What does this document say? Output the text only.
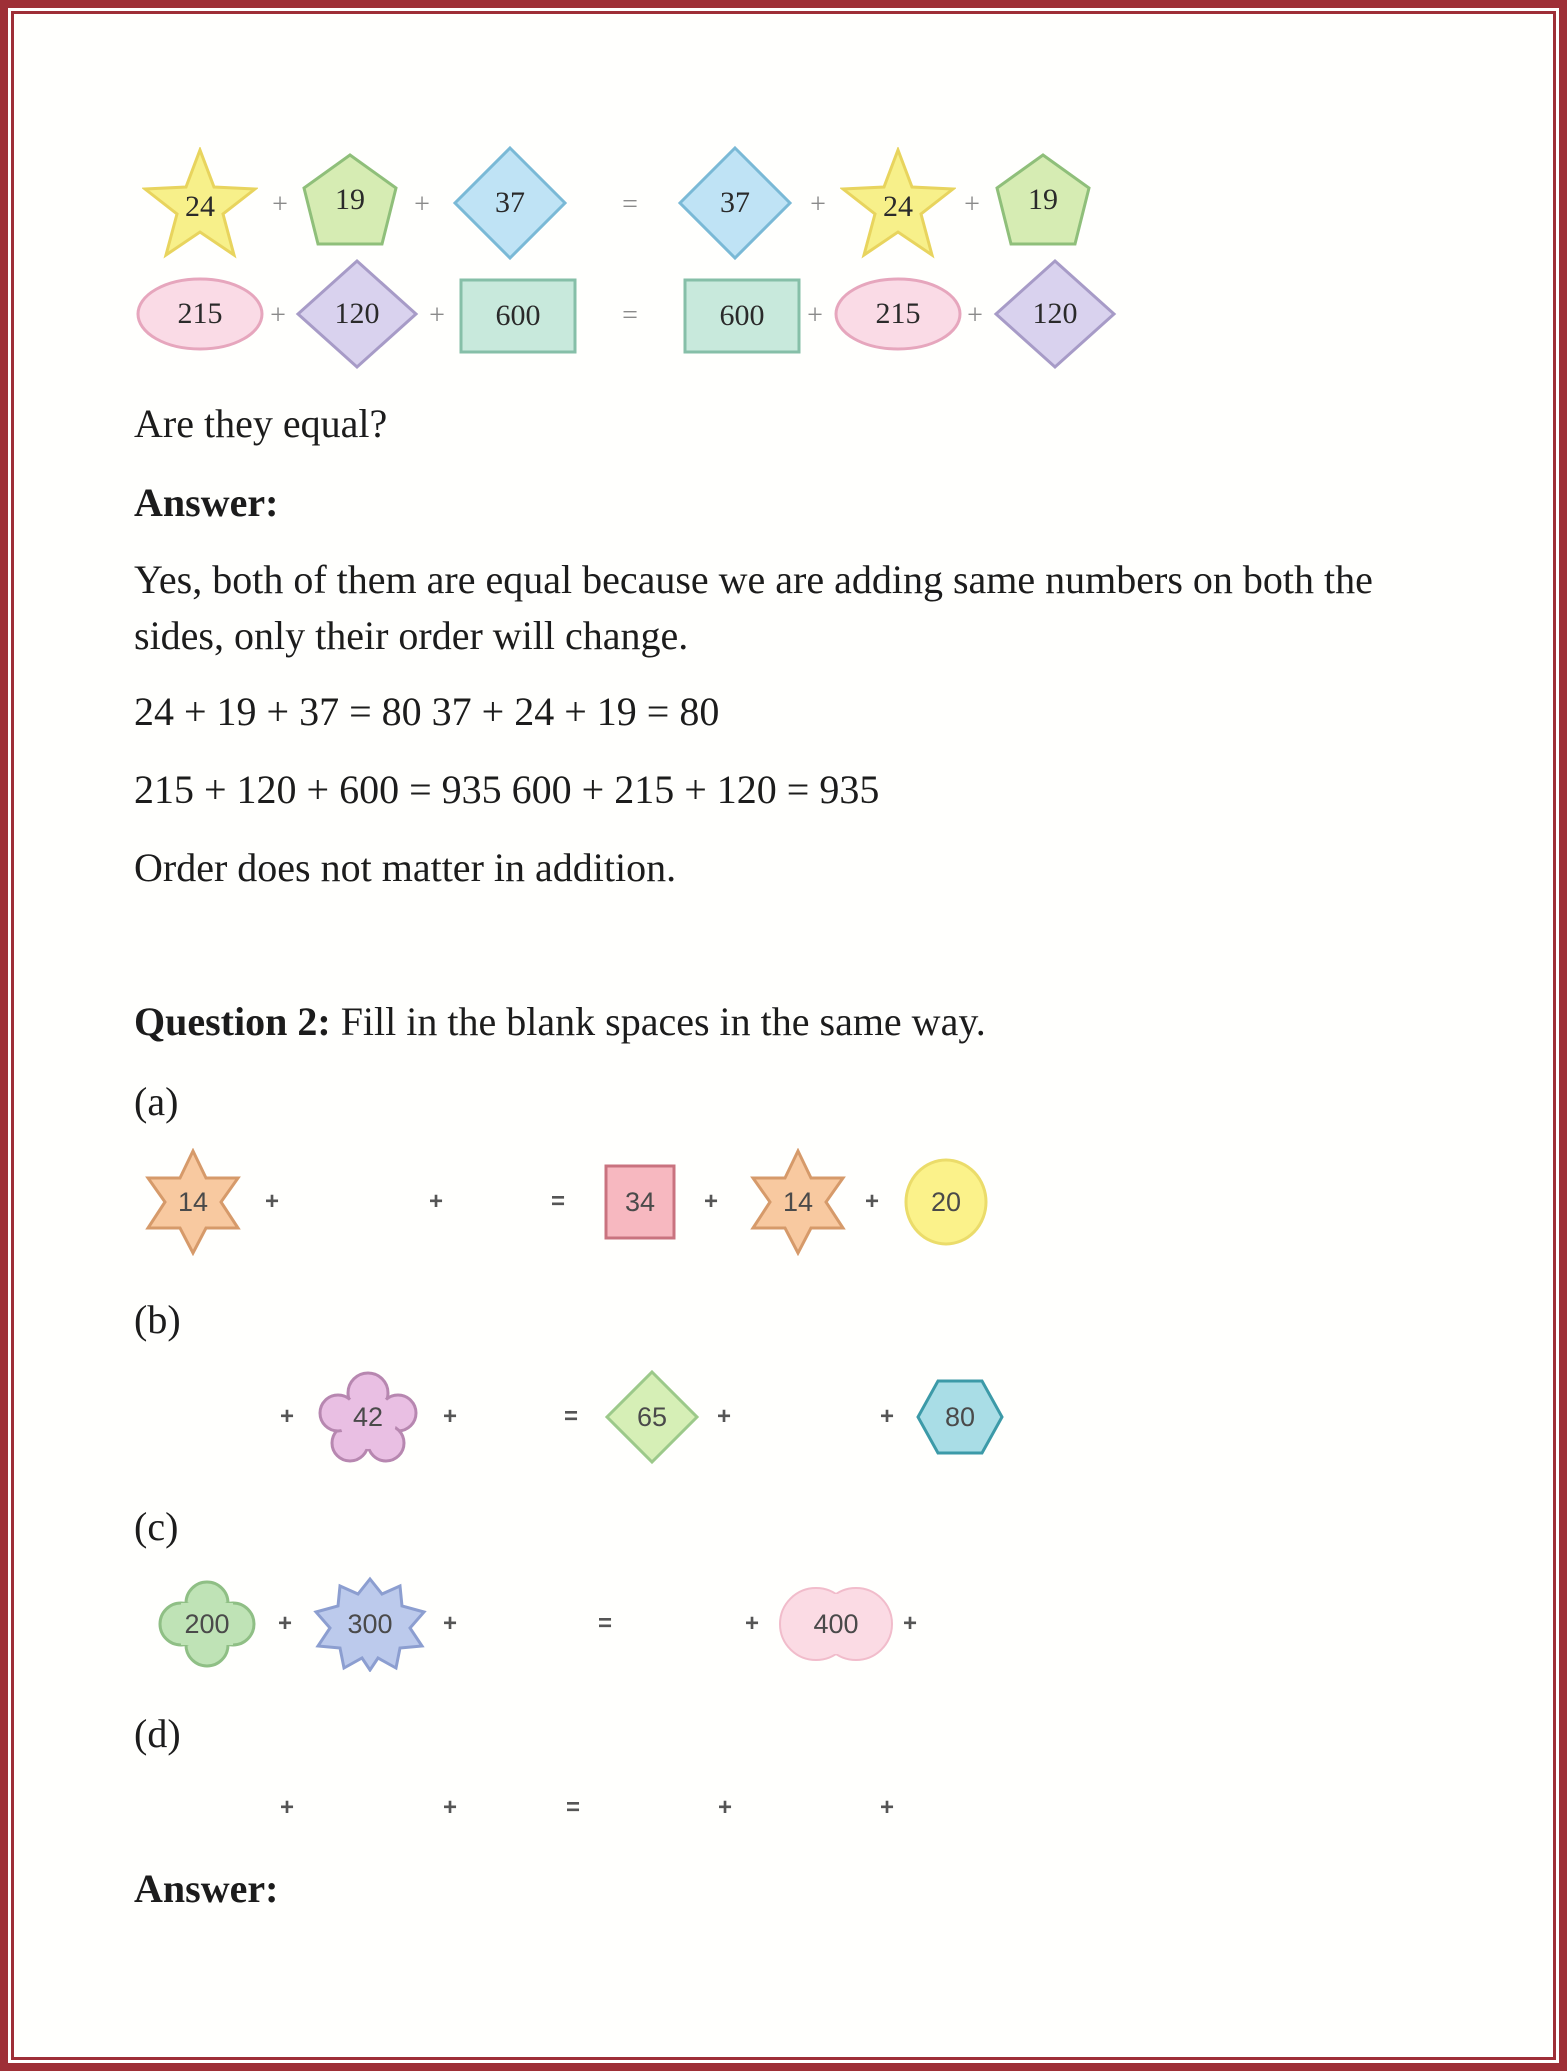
24	+	19	+	37	=	37	+	24	+	19
215	+	120	+	600	=	600	+	215	+	120
Are they equal?
Answer:
Yes, both of them are equal because we are adding same numbers on both the sides, only their order will change.
24 + 19 + 37 = 80 37 + 24 + 19 = 80
215 + 120 + 600 = 935 600 + 215 + 120 = 935
Order does not matter in addition.
Question 2: Fill in the blank spaces in the same way.
(a)
14	+	+	=	34	+	14	+	20
(b)
+	42	+	=	65	+	+	80
(c)
200	+	300	+	=	+	400	+
(d)
+	+	=	+	+
Answer:
